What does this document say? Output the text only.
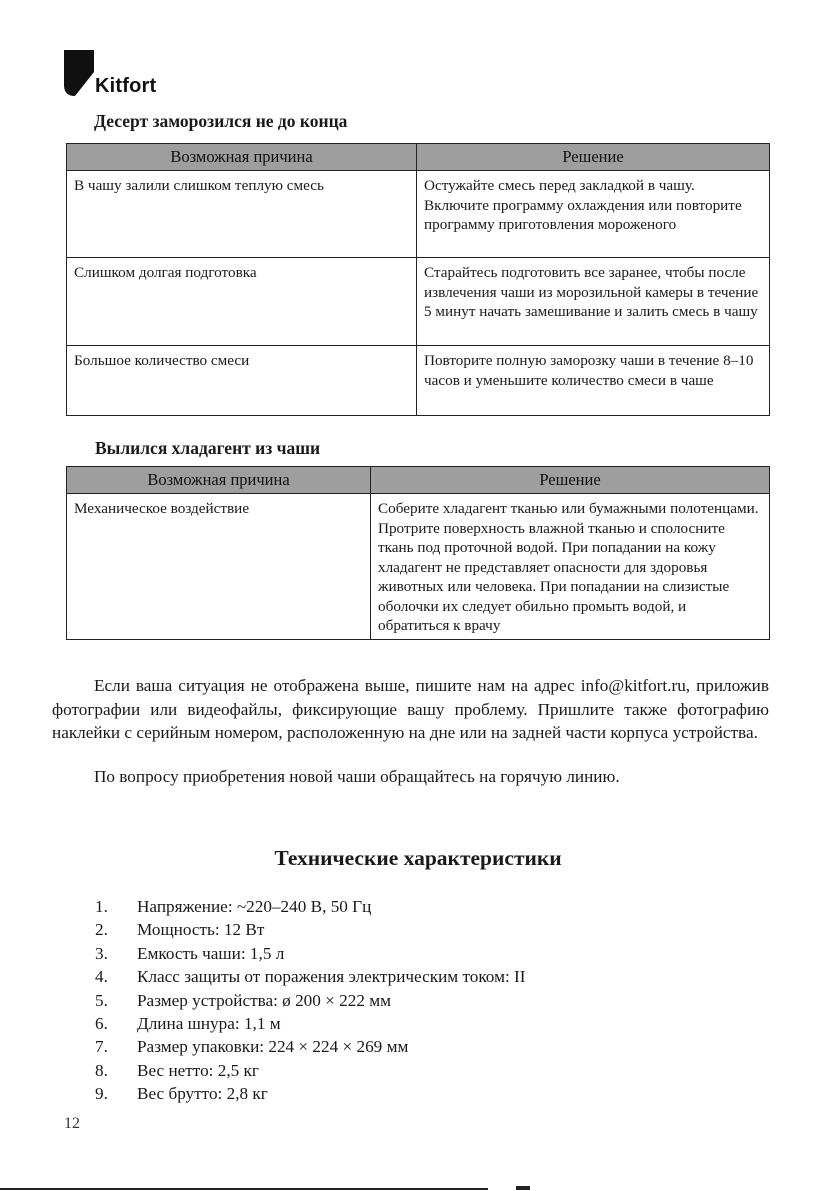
Kitfort
Десерт заморозился не до конца
Возможная причина	Решение
В чашу залили слишком теплую смесь	Остужайте смесь перед закладкой в чашу. Включите программу охлаждения или повторите программу приготовления мороженого
Слишком долгая подготовка	Старайтесь подготовить все заранее, чтобы после извлечения чаши из морозильной камеры в течение 5 минут начать замешивание и залить смесь в чашу
Большое количество смеси	Повторите полную заморозку чаши в течение 8–10 часов и уменьшите количество смеси в чаше
Вылился хладагент из чаши
Возможная причина	Решение
Механическое воздействие	Соберите хладагент тканью или бумажными полотенцами. Протрите поверхность влажной тканью и сполосните ткань под проточной водой. При попадании на кожу хладагент не представляет опасности для здоровья животных или человека. При попадании на слизистые оболочки их следует обильно промыть водой, и обратиться к врачу

Если ваша ситуация не отображена выше, пишите нам на адрес info@kitfort.ru, приложив фотографии или видеофайлы, фиксирующие вашу проблему. Пришлите также фотографию наклейки с серийным номером, расположенную на дне или на задней части корпуса устройства.

По вопросу приобретения новой чаши обращайтесь на горячую линию.

Технические характеристики
1.	Напряжение: ~220–240 В, 50 Гц
2.	Мощность: 12 Вт
3.	Емкость чаши: 1,5 л
4.	Класс защиты от поражения электрическим током: II
5.	Размер устройства: ø 200 × 222 мм
6.	Длина шнура: 1,1 м
7.	Размер упаковки: 224 × 224 × 269 мм
8.	Вес нетто: 2,5 кг
9.	Вес брутто: 2,8 кг
12
